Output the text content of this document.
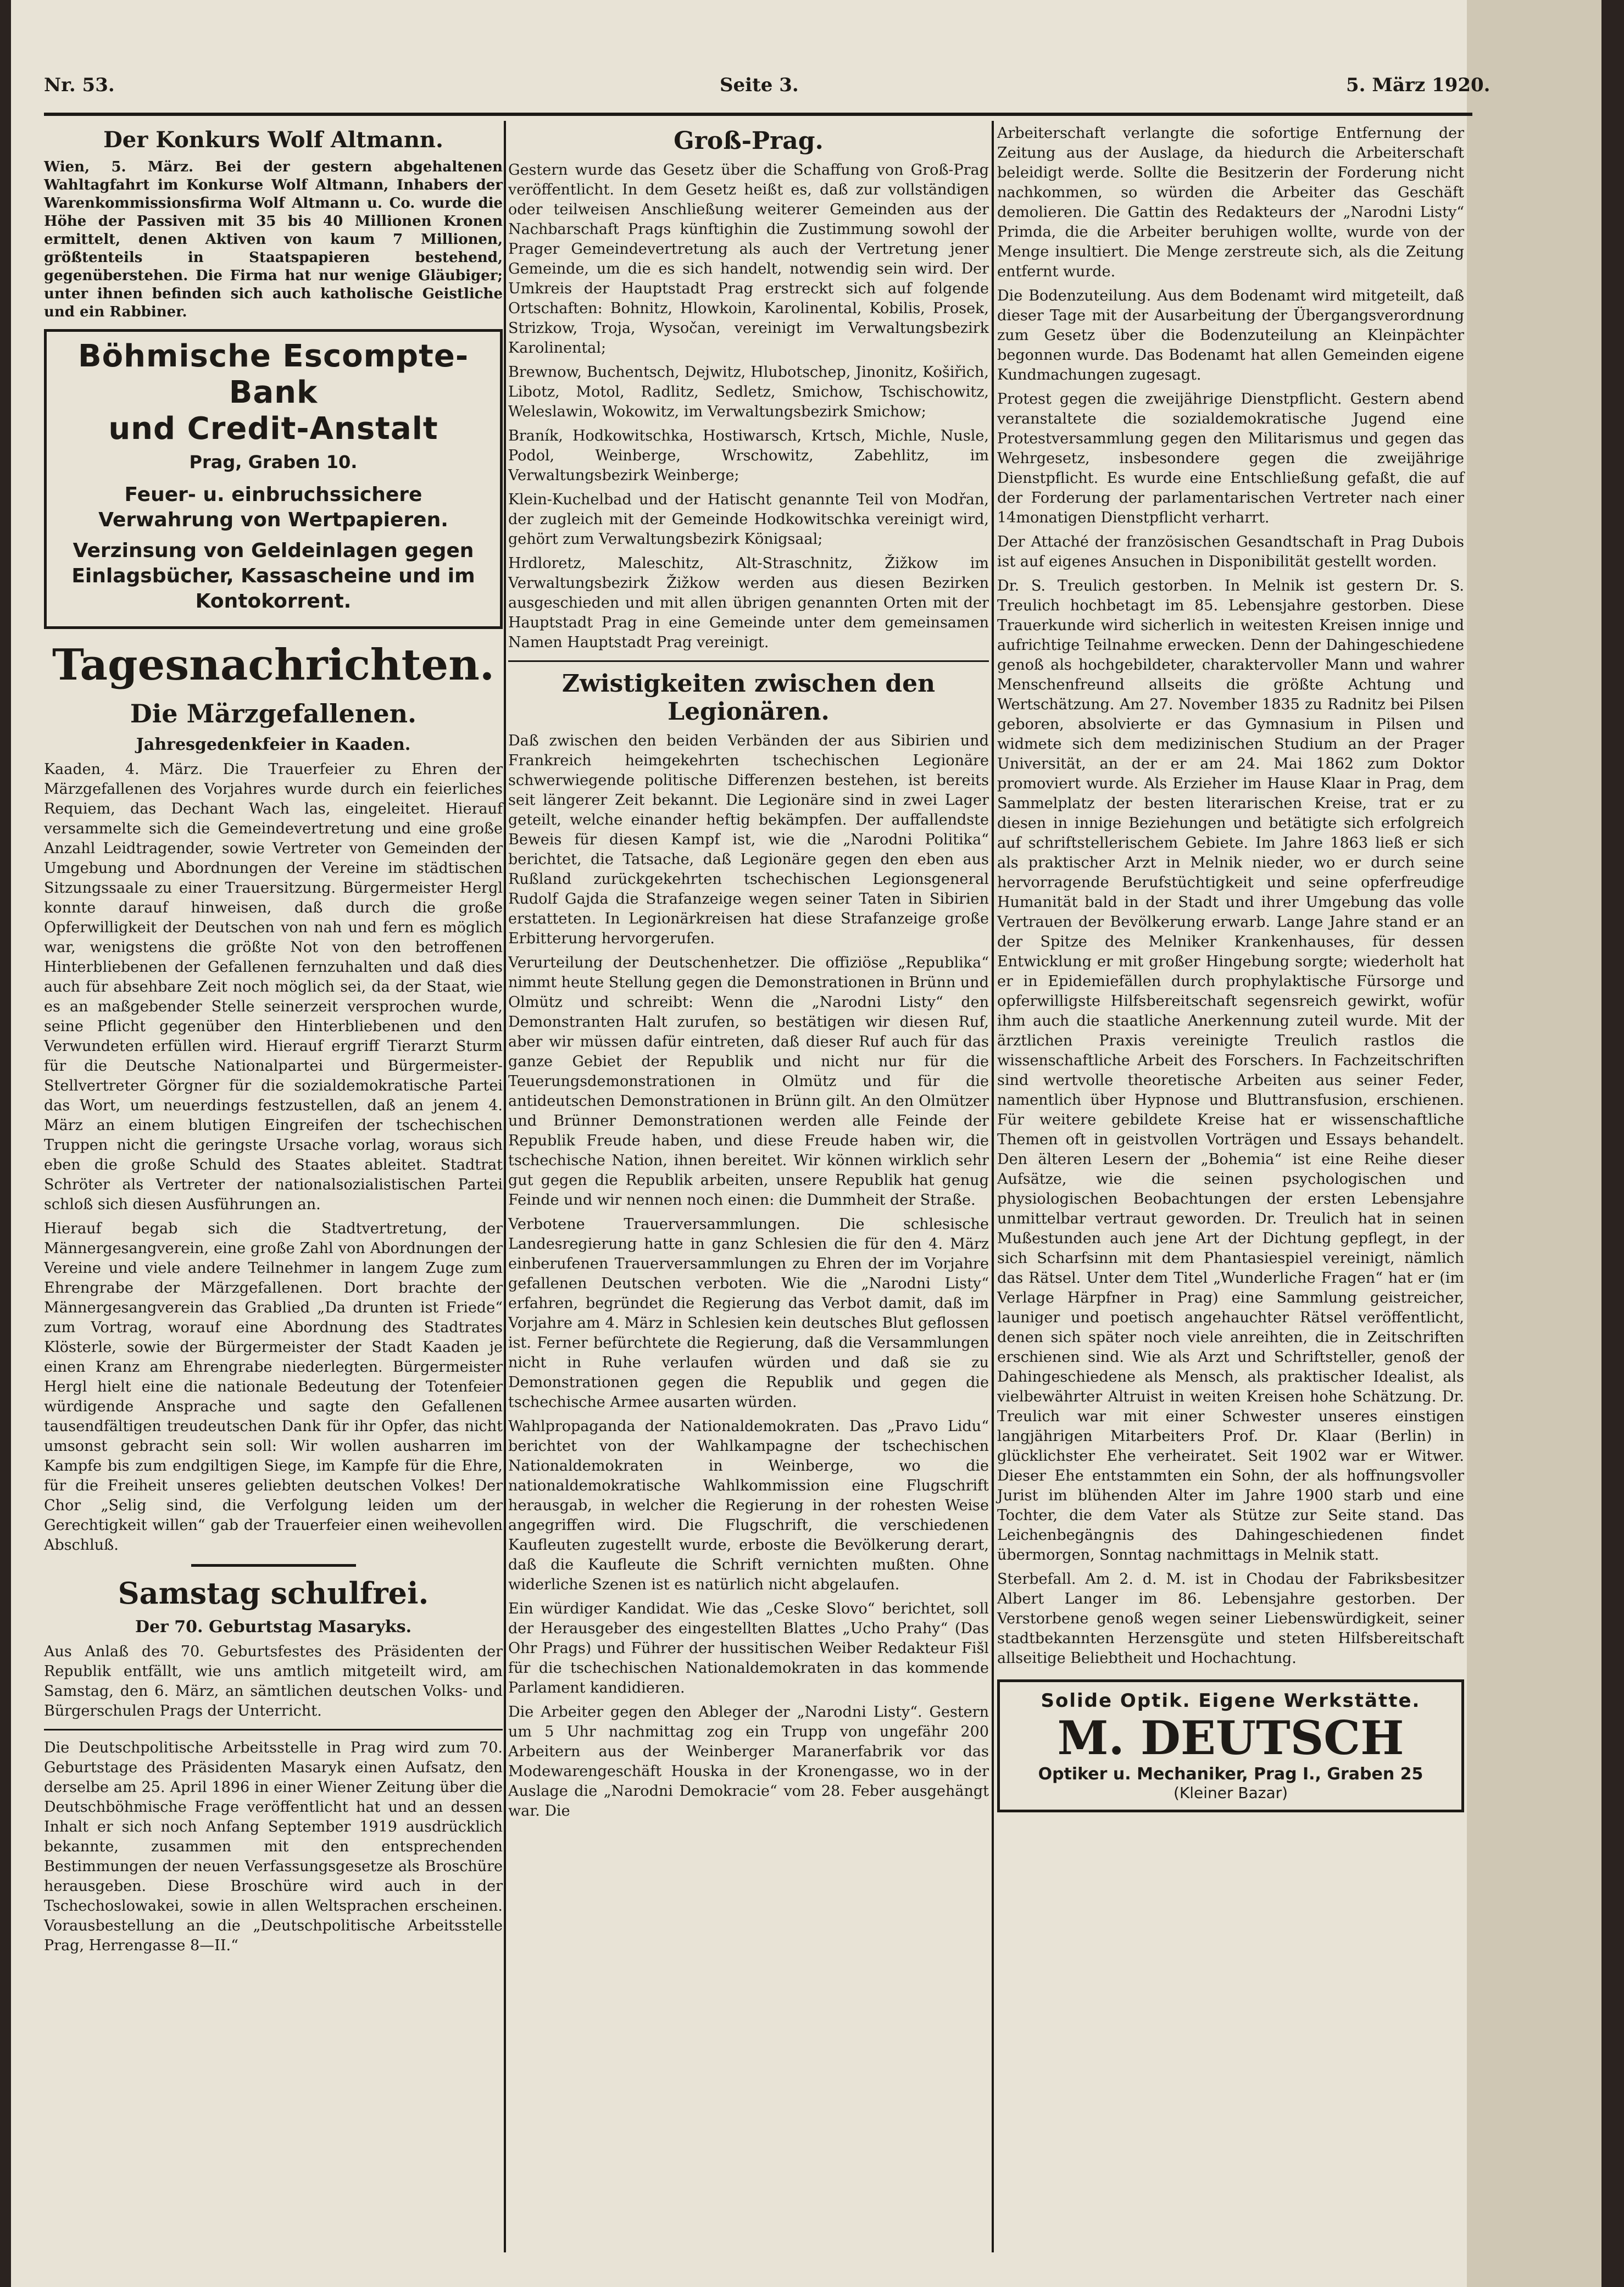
Nr. 53.	Seite 3.	5. März 1920.
Der Konkurs Wolf Altmann.

Wien, 5. März. Bei der gestern abgehaltenen Wahltagfahrt im Konkurse Wolf Altmann, Inhabers der Warenkommissionsfirma Wolf Altmann u. Co. wurde die Höhe der Passiven mit 35 bis 40 Millionen Kronen ermittelt, denen Aktiven von kaum 7 Millionen, größtenteils in Staatspapieren bestehend, gegenüberstehen. Die Firma hat nur wenige Gläubiger; unter ihnen befinden sich auch katholische Geistliche und ein Rabbiner.

Böhmische Escompte-Bank
und Credit-Anstalt
Prag, Graben 10.
Feuer- u. einbruchssichere Verwahrung von Wertpapieren.
Verzinsung von Geldeinlagen gegen Einlagsbücher, Kassascheine und im Kontokorrent.
Tagesnachrichten.
Die Märzgefallenen.
Jahresgedenkfeier in Kaaden.

Kaaden, 4. März. Die Trauerfeier zu Ehren der Märzgefallenen des Vorjahres wurde durch ein feierliches Requiem, das Dechant Wach las, eingeleitet. Hierauf versammelte sich die Gemeindevertretung und eine große Anzahl Leidtragender, sowie Vertreter von Gemeinden der Umgebung und Abordnungen der Vereine im städtischen Sitzungssaale zu einer Trauersitzung. Bürgermeister Hergl konnte darauf hinweisen, daß durch die große Opferwilligkeit der Deutschen von nah und fern es möglich war, wenigstens die größte Not von den betroffenen Hinterbliebenen der Gefallenen fernzuhalten und daß dies auch für absehbare Zeit noch möglich sei, da der Staat, wie es an maßgebender Stelle seinerzeit versprochen wurde, seine Pflicht gegenüber den Hinterbliebenen und den Verwundeten erfüllen wird. Hierauf ergriff Tierarzt Sturm für die Deutsche Nationalpartei und Bürgermeister-Stellvertreter Görgner für die sozialdemokratische Partei das Wort, um neuerdings festzustellen, daß an jenem 4. März an einem blutigen Eingreifen der tschechischen Truppen nicht die geringste Ursache vorlag, woraus sich eben die große Schuld des Staates ableitet. Stadtrat Schröter als Vertreter der nationalsozialistischen Partei schloß sich diesen Ausführungen an.

Hierauf begab sich die Stadtvertretung, der Männergesangverein, eine große Zahl von Abordnungen der Vereine und viele andere Teilnehmer in langem Zuge zum Ehrengrabe der Märzgefallenen. Dort brachte der Männergesangverein das Grablied „Da drunten ist Friede“ zum Vortrag, worauf eine Abordnung des Stadtrates Klösterle, sowie der Bürgermeister der Stadt Kaaden je einen Kranz am Ehrengrabe niederlegten. Bürgermeister Hergl hielt eine die nationale Bedeutung der Totenfeier würdigende Ansprache und sagte den Gefallenen tausendfältigen treudeutschen Dank für ihr Opfer, das nicht umsonst gebracht sein soll: Wir wollen ausharren im Kampfe bis zum endgiltigen Siege, im Kampfe für die Ehre, für die Freiheit unseres geliebten deutschen Volkes! Der Chor „Selig sind, die Verfolgung leiden um der Gerechtigkeit willen“ gab der Trauerfeier einen weihevollen Abschluß.

Samstag schulfrei.
Der 70. Geburtstag Masaryks.

Aus Anlaß des 70. Geburtsfestes des Präsidenten der Republik entfällt, wie uns amtlich mitgeteilt wird, am Samstag, den 6. März, an sämtlichen deutschen Volks- und Bürgerschulen Prags der Unterricht.

Die Deutschpolitische Arbeitsstelle in Prag wird zum 70. Geburtstage des Präsidenten Masaryk einen Aufsatz, den derselbe am 25. April 1896 in einer Wiener Zeitung über die Deutschböhmische Frage veröffentlicht hat und an dessen Inhalt er sich noch Anfang September 1919 ausdrücklich bekannte, zusammen mit den entsprechenden Bestimmungen der neuen Verfassungsgesetze als Broschüre herausgeben. Diese Broschüre wird auch in der Tschechoslowakei, sowie in allen Weltsprachen erscheinen. Vorausbestellung an die „Deutschpolitische Arbeitsstelle Prag, Herrengasse 8—II.“

Groß-Prag.

Gestern wurde das Gesetz über die Schaffung von Groß-Prag veröffentlicht. In dem Gesetz heißt es, daß zur vollständigen oder teilweisen Anschließung weiterer Gemeinden aus der Nachbarschaft Prags künftighin die Zustimmung sowohl der Prager Gemeindevertretung als auch der Vertretung jener Gemeinde, um die es sich handelt, notwendig sein wird. Der Umkreis der Hauptstadt Prag erstreckt sich auf folgende Ortschaften: Bohnitz, Hlowkoin, Karolinental, Kobilis, Prosek, Strizkow, Troja, Wysočan, vereinigt im Verwaltungsbezirk Karolinental;

Brewnow, Buchentsch, Dejwitz, Hlubotschep, Jinonitz, Košiřich, Libotz, Motol, Radlitz, Sedletz, Smichow, Tschischowitz, Weleslawin, Wokowitz, im Verwaltungsbezirk Smichow;

Braník, Hodkowitschka, Hostiwarsch, Krtsch, Michle, Nusle, Podol, Weinberge, Wrschowitz, Zabehlitz, im Verwaltungsbezirk Weinberge;

Klein-Kuchelbad und der Hatischt genannte Teil von Modřan, der zugleich mit der Gemeinde Hodkowitschka vereinigt wird, gehört zum Verwaltungsbezirk Königsaal;

Hrdloretz, Maleschitz, Alt-Straschnitz, Žižkow im Verwaltungsbezirk Žižkow werden aus diesen Bezirken ausgeschieden und mit allen übrigen genannten Orten mit der Hauptstadt Prag in eine Gemeinde unter dem gemeinsamen Namen Hauptstadt Prag vereinigt.

Zwistigkeiten zwischen den Legionären.

Daß zwischen den beiden Verbänden der aus Sibirien und Frankreich heimgekehrten tschechischen Legionäre schwerwiegende politische Differenzen bestehen, ist bereits seit längerer Zeit bekannt. Die Legionäre sind in zwei Lager geteilt, welche einander heftig bekämpfen. Der auffallendste Beweis für diesen Kampf ist, wie die „Narodni Politika“ berichtet, die Tatsache, daß Legionäre gegen den eben aus Rußland zurückgekehrten tschechischen Legionsgeneral Rudolf Gajda die Strafanzeige wegen seiner Taten in Sibirien erstatteten. In Legionärkreisen hat diese Strafanzeige große Erbitterung hervorgerufen.

Verurteilung der Deutschenhetzer. Die offiziöse „Republika“ nimmt heute Stellung gegen die Demonstrationen in Brünn und Olmütz und schreibt: Wenn die „Narodni Listy“ den Demonstranten Halt zurufen, so bestätigen wir diesen Ruf, aber wir müssen dafür eintreten, daß dieser Ruf auch für das ganze Gebiet der Republik und nicht nur für die Teuerungsdemonstrationen in Olmütz und für die antideutschen Demonstrationen in Brünn gilt. An den Olmützer und Brünner Demonstrationen werden alle Feinde der Republik Freude haben, und diese Freude haben wir, die tschechische Nation, ihnen bereitet. Wir können wirklich sehr gut gegen die Republik arbeiten, unsere Republik hat genug Feinde und wir nennen noch einen: die Dummheit der Straße.

Verbotene Trauerversammlungen. Die schlesische Landesregierung hatte in ganz Schlesien die für den 4. März einberufenen Trauerversammlungen zu Ehren der im Vorjahre gefallenen Deutschen verboten. Wie die „Narodni Listy“ erfahren, begründet die Regierung das Verbot damit, daß im Vorjahre am 4. März in Schlesien kein deutsches Blut geflossen ist. Ferner befürchtete die Regierung, daß die Versammlungen nicht in Ruhe verlaufen würden und daß sie zu Demonstrationen gegen die Republik und gegen die tschechische Armee ausarten würden.

Wahlpropaganda der Nationaldemokraten. Das „Pravo Lidu“ berichtet von der Wahlkampagne der tschechischen Nationaldemokraten in Weinberge, wo die nationaldemokratische Wahlkommission eine Flugschrift herausgab, in welcher die Regierung in der rohesten Weise angegriffen wird. Die Flugschrift, die verschiedenen Kaufleuten zugestellt wurde, erboste die Bevölkerung derart, daß die Kaufleute die Schrift vernichten mußten. Ohne widerliche Szenen ist es natürlich nicht abgelaufen.

Ein würdiger Kandidat. Wie das „Ceske Slovo“ berichtet, soll der Herausgeber des eingestellten Blattes „Ucho Prahy“ (Das Ohr Prags) und Führer der hussitischen Weiber Redakteur Fišl für die tschechischen Nationaldemokraten in das kommende Parlament kandidieren.

Die Arbeiter gegen den Ableger der „Narodni Listy“. Gestern um 5 Uhr nachmittag zog ein Trupp von ungefähr 200 Arbeitern aus der Weinberger Maranerfabrik vor das Modewarengeschäft Houska in der Kronengasse, wo in der Auslage die „Narodni Demokracie“ vom 28. Feber ausgehängt war. Die

Arbeiterschaft verlangte die sofortige Entfernung der Zeitung aus der Auslage, da hiedurch die Arbeiterschaft beleidigt werde. Sollte die Besitzerin der Forderung nicht nachkommen, so würden die Arbeiter das Geschäft demolieren. Die Gattin des Redakteurs der „Narodni Listy“ Primda, die die Arbeiter beruhigen wollte, wurde von der Menge insultiert. Die Menge zerstreute sich, als die Zeitung entfernt wurde.

Die Bodenzuteilung. Aus dem Bodenamt wird mitgeteilt, daß dieser Tage mit der Ausarbeitung der Übergangsverordnung zum Gesetz über die Bodenzuteilung an Kleinpächter begonnen wurde. Das Bodenamt hat allen Gemeinden eigene Kundmachungen zugesagt.

Protest gegen die zweijährige Dienstpflicht. Gestern abend veranstaltete die sozialdemokratische Jugend eine Protestversammlung gegen den Militarismus und gegen das Wehrgesetz, insbesondere gegen die zweijährige Dienstpflicht. Es wurde eine Entschließung gefaßt, die auf der Forderung der parlamentarischen Vertreter nach einer 14monatigen Dienstpflicht verharrt.

Der Attaché der französischen Gesandtschaft in Prag Dubois ist auf eigenes Ansuchen in Disponibilität gestellt worden.

Dr. S. Treulich gestorben. In Melnik ist gestern Dr. S. Treulich hochbetagt im 85. Lebensjahre gestorben. Diese Trauerkunde wird sicherlich in weitesten Kreisen innige und aufrichtige Teilnahme erwecken. Denn der Dahingeschiedene genoß als hochgebildeter, charaktervoller Mann und wahrer Menschenfreund allseits die größte Achtung und Wertschätzung. Am 27. November 1835 zu Radnitz bei Pilsen geboren, absolvierte er das Gymnasium in Pilsen und widmete sich dem medizinischen Studium an der Prager Universität, an der er am 24. Mai 1862 zum Doktor promoviert wurde. Als Erzieher im Hause Klaar in Prag, dem Sammelplatz der besten literarischen Kreise, trat er zu diesen in innige Beziehungen und betätigte sich erfolgreich auf schriftstellerischem Gebiete. Im Jahre 1863 ließ er sich als praktischer Arzt in Melnik nieder, wo er durch seine hervorragende Berufstüchtigkeit und seine opferfreudige Humanität bald in der Stadt und ihrer Umgebung das volle Vertrauen der Bevölkerung erwarb. Lange Jahre stand er an der Spitze des Melniker Krankenhauses, für dessen Entwicklung er mit großer Hingebung sorgte; wiederholt hat er in Epidemiefällen durch prophylaktische Fürsorge und opferwilligste Hilfsbereitschaft segensreich gewirkt, wofür ihm auch die staatliche Anerkennung zuteil wurde. Mit der ärztlichen Praxis vereinigte Treulich rastlos die wissenschaftliche Arbeit des Forschers. In Fachzeitschriften sind wertvolle theoretische Arbeiten aus seiner Feder, namentlich über Hypnose und Bluttransfusion, erschienen. Für weitere gebildete Kreise hat er wissenschaftliche Themen oft in geistvollen Vorträgen und Essays behandelt. Den älteren Lesern der „Bohemia“ ist eine Reihe dieser Aufsätze, wie die seinen psychologischen und physiologischen Beobachtungen der ersten Lebensjahre unmittelbar vertraut geworden. Dr. Treulich hat in seinen Mußestunden auch jene Art der Dichtung gepflegt, in der sich Scharfsinn mit dem Phantasiespiel vereinigt, nämlich das Rätsel. Unter dem Titel „Wunderliche Fragen“ hat er (im Verlage Härpfner in Prag) eine Sammlung geistreicher, launiger und poetisch angehauchter Rätsel veröffentlicht, denen sich später noch viele anreihten, die in Zeitschriften erschienen sind. Wie als Arzt und Schriftsteller, genoß der Dahingeschiedene als Mensch, als praktischer Idealist, als vielbewährter Altruist in weiten Kreisen hohe Schätzung. Dr. Treulich war mit einer Schwester unseres einstigen langjährigen Mitarbeiters Prof. Dr. Klaar (Berlin) in glücklichster Ehe verheiratet. Seit 1902 war er Witwer. Dieser Ehe entstammten ein Sohn, der als hoffnungsvoller Jurist im blühenden Alter im Jahre 1900 starb und eine Tochter, die dem Vater als Stütze zur Seite stand. Das Leichenbegängnis des Dahingeschiedenen findet übermorgen, Sonntag nachmittags in Melnik statt.

Sterbefall. Am 2. d. M. ist in Chodau der Fabriksbesitzer Albert Langer im 86. Lebensjahre gestorben. Der Verstorbene genoß wegen seiner Liebenswürdigkeit, seiner stadtbekannten Herzensgüte und steten Hilfsbereitschaft allseitige Beliebtheit und Hochachtung.

Solide Optik. Eigene Werkstätte.
M. DEUTSCH
Optiker u. Mechaniker, Prag I., Graben 25
(Kleiner Bazar)
